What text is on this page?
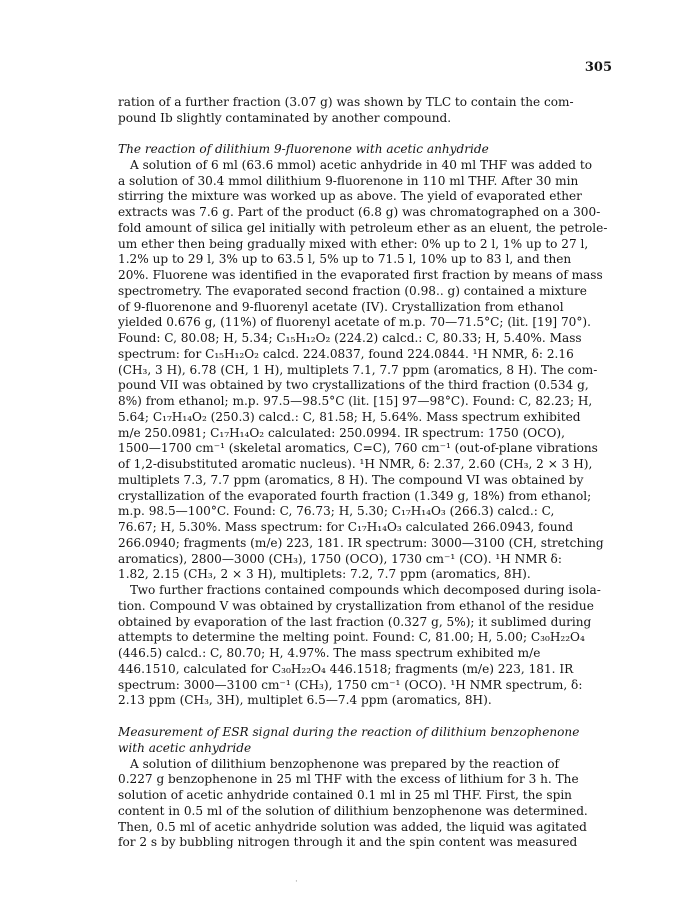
305
ration of a further fraction (3.07 g) was shown by TLC to contain the com-
pound Ib slightly contaminated by another compound.
The reaction of dilithium 9-fluorenone with acetic anhydride
A solution of 6 ml (63.6 mmol) acetic anhydride in 40 ml THF was added to
a solution of 30.4 mmol dilithium 9-fluorenone in 110 ml THF. After 30 min
stirring the mixture was worked up as above. The yield of evaporated ether
extracts was 7.6 g. Part of the product (6.8 g) was chromatographed on a 300-
fold amount of silica gel initially with petroleum ether as an eluent, the petrole-
um ether then being gradually mixed with ether: 0% up to 2 l, 1% up to 27 l,
1.2% up to 29 l, 3% up to 63.5 l, 5% up to 71.5 l, 10% up to 83 l, and then
20%. Fluorene was identified in the evaporated first fraction by means of mass
spectrometry. The evaporated second fraction (0.98.. g) contained a mixture
of 9-fluorenone and 9-fluorenyl acetate (IV). Crystallization from ethanol
yielded 0.676 g, (11%) of fluorenyl acetate of m.p. 70—71.5°C; (lit. [19] 70°).
Found: C, 80.08; H, 5.34; C₁₅H₁₂O₂ (224.2) calcd.: C, 80.33; H, 5.40%. Mass
spectrum: for C₁₅H₁₂O₂ calcd. 224.0837, found 224.0844. ¹H NMR, δ: 2.16
(CH₃, 3 H), 6.78 (CH, 1 H), multiplets 7.1, 7.7 ppm (aromatics, 8 H). The com-
pound VII was obtained by two crystallizations of the third fraction (0.534 g,
8%) from ethanol; m.p. 97.5—98.5°C (lit. [15] 97—98°C). Found: C, 82.23; H,
5.64; C₁₇H₁₄O₂ (250.3) calcd.: C, 81.58; H, 5.64%. Mass spectrum exhibited
m/e 250.0981; C₁₇H₁₄O₂ calculated: 250.0994. IR spectrum: 1750 (OCO),
1500—1700 cm⁻¹ (skeletal aromatics, C=C), 760 cm⁻¹ (out-of-plane vibrations
of 1,2-disubstituted aromatic nucleus). ¹H NMR, δ: 2.37, 2.60 (CH₃, 2 × 3 H),
multiplets 7.3, 7.7 ppm (aromatics, 8 H). The compound VI was obtained by
crystallization of the evaporated fourth fraction (1.349 g, 18%) from ethanol;
m.p. 98.5—100°C. Found: C, 76.73; H, 5.30; C₁₇H₁₄O₃ (266.3) calcd.: C,
76.67; H, 5.30%. Mass spectrum: for C₁₇H₁₄O₃ calculated 266.0943, found
266.0940; fragments (m/e) 223, 181. IR spectrum: 3000—3100 (CH, stretching
aromatics), 2800—3000 (CH₃), 1750 (OCO), 1730 cm⁻¹ (CO). ¹H NMR δ:
1.82, 2.15 (CH₃, 2 × 3 H), multiplets: 7.2, 7.7 ppm (aromatics, 8H).
Two further fractions contained compounds which decomposed during isola-
tion. Compound V was obtained by crystallization from ethanol of the residue
obtained by evaporation of the last fraction (0.327 g, 5%); it sublimed during
attempts to determine the melting point. Found: C, 81.00; H, 5.00; C₃₀H₂₂O₄
(446.5) calcd.: C, 80.70; H, 4.97%. The mass spectrum exhibited m/e
446.1510, calculated for C₃₀H₂₂O₄ 446.1518; fragments (m/e) 223, 181. IR
spectrum: 3000—3100 cm⁻¹ (CH₃), 1750 cm⁻¹ (OCO). ¹H NMR spectrum, δ:
2.13 ppm (CH₃, 3H), multiplet 6.5—7.4 ppm (aromatics, 8H).
Measurement of ESR signal during the reaction of dilithium benzophenone
with acetic anhydride
A solution of dilithium benzophenone was prepared by the reaction of
0.227 g benzophenone in 25 ml THF with the excess of lithium for 3 h. The
solution of acetic anhydride contained 0.1 ml in 25 ml THF. First, the spin
content in 0.5 ml of the solution of dilithium benzophenone was determined.
Then, 0.5 ml of acetic anhydride solution was added, the liquid was agitated
for 2 s by bubbling nitrogen through it and the spin content was measured
·
